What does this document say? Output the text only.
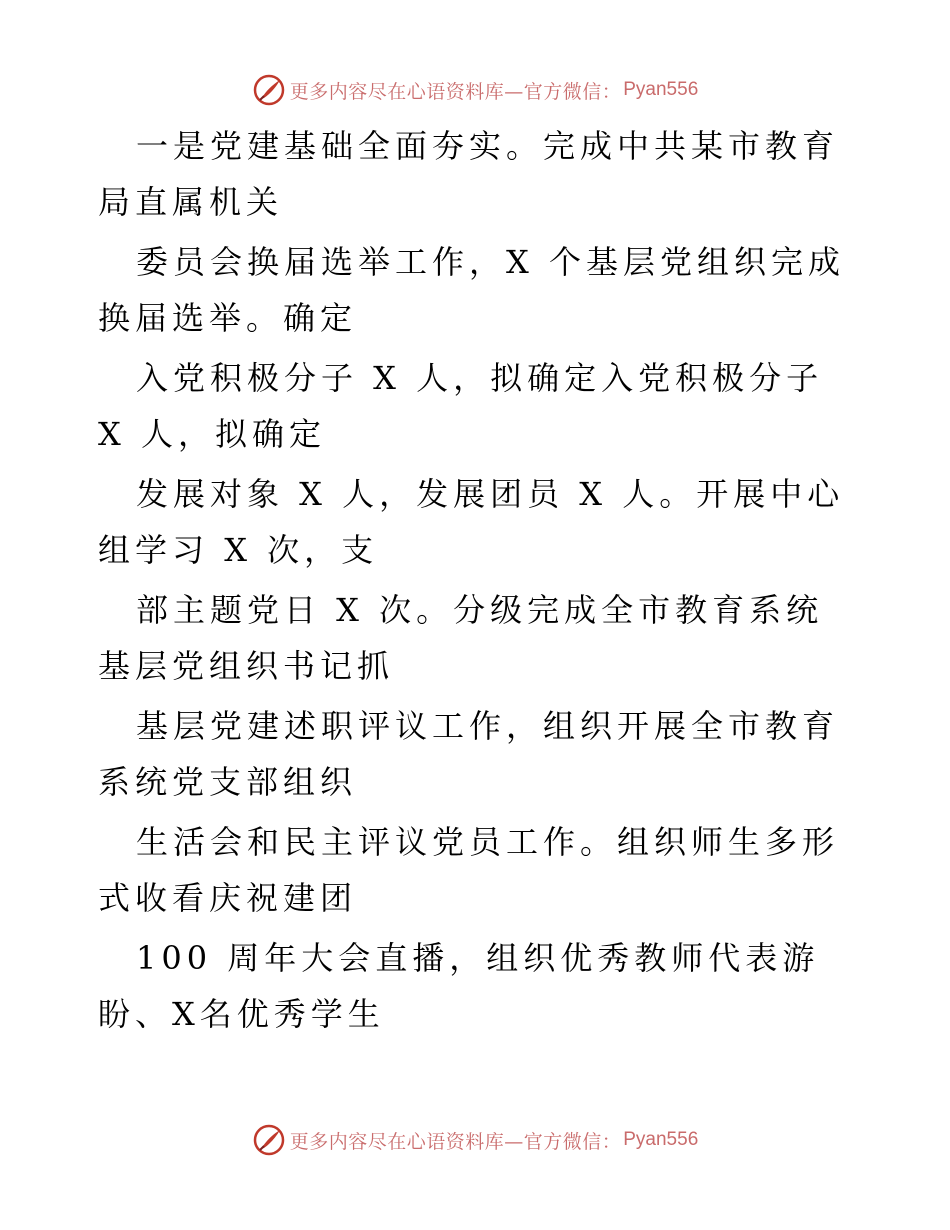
更多内容尽在心语资料库—官方微信： Pyan556

一是党建基础全面夯实。完成中共某市教育局直属机关

委员会换届选举工作，X 个基层党组织完成换届选举。确定

入党积极分子 X 人，拟确定入党积极分子 X 人，拟确定

发展对象 X 人，发展团员 X 人。开展中心组学习 X 次，支

部主题党日 X 次。分级完成全市教育系统基层党组织书记抓

基层党建述职评议工作，组织开展全市教育系统党支部组织

生活会和民主评议党员工作。组织师生多形式收看庆祝建团

100 周年大会直播，组织优秀教师代表游盼、X名优秀学生

更多内容尽在心语资料库—官方微信： Pyan556
